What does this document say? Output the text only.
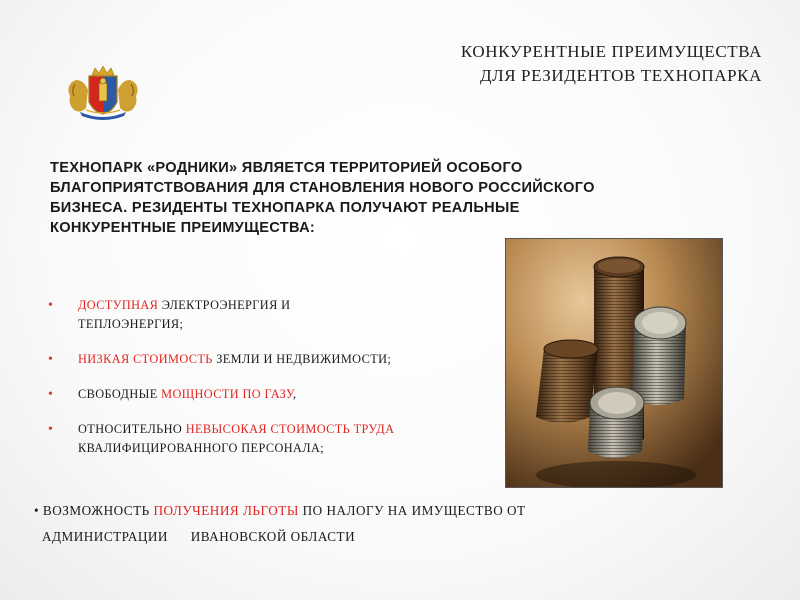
КОНКУРЕНТНЫЕ ПРЕИМУЩЕСТВА
ДЛЯ РЕЗИДЕНТОВ ТЕХНОПАРКА
ТЕХНОПАРК «РОДНИКИ» ЯВЛЯЕТСЯ ТЕРРИТОРИЕЙ ОСОБОГО
БЛАГОПРИЯТСТВОВАНИЯ ДЛЯ СТАНОВЛЕНИЯ НОВОГО РОССИЙСКОГО
БИЗНЕСА. РЕЗИДЕНТЫ ТЕХНОПАРКА ПОЛУЧАЮТ РЕАЛЬНЫЕ
КОНКУРЕНТНЫЕ ПРЕИМУЩЕСТВА:
• ДОСТУПНАЯ ЭЛЕКТРОЭНЕРГИЯ И
ТЕПЛОЭНЕРГИЯ;
• НИЗКАЯ СТОИМОСТЬ ЗЕМЛИ И НЕДВИЖИМОСТИ;
• СВОБОДНЫЕ МОЩНОСТИ ПО ГАЗУ,
• ОТНОСИТЕЛЬНО НЕВЫСОКАЯ СТОИМОСТЬ ТРУДА
КВАЛИФИЦИРОВАННОГО ПЕРСОНАЛА;
• ВОЗМОЖНОСТЬ ПОЛУЧЕНИЯ ЛЬГОТЫ ПО НАЛОГУ НА ИМУЩЕСТВО ОТ
АДМИНИСТРАЦИИ      ИВАНОВСКОЙ ОБЛАСТИ
